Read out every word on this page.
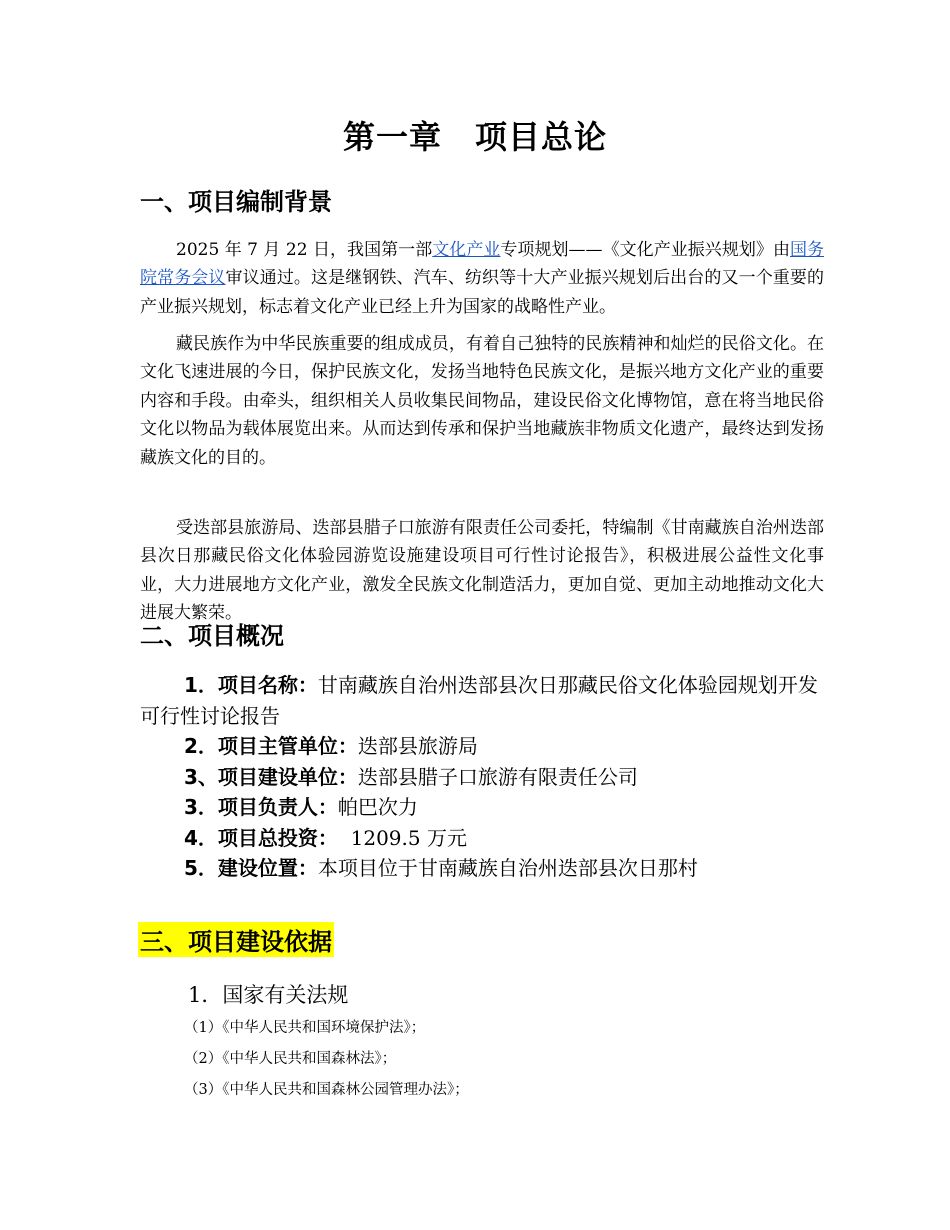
第一章　项目总论
一、项目编制背景

2025 年 7 月 22 日，我国第一部文化产业专项规划——《文化产业振兴规划》由国务院常务会议审议通过。这是继钢铁、汽车、纺织等十大产业振兴规划后出台的又一个重要的产业振兴规划，标志着文化产业已经上升为国家的战略性产业。

藏民族作为中华民族重要的组成成员，有着自己独特的民族精神和灿烂的民俗文化。在文化飞速进展的今日，保护民族文化，发扬当地特色民族文化，是振兴地方文化产业的重要内容和手段。由牵头，组织相关人员收集民间物品，建设民俗文化博物馆，意在将当地民俗文化以物品为载体展览出来。从而达到传承和保护当地藏族非物质文化遗产，最终达到发扬藏族文化的目的。

受迭部县旅游局、迭部县腊子口旅游有限责任公司委托，特编制《甘南藏族自治州迭部县次日那藏民俗文化体验园游览设施建设项目可行性讨论报告》，积极进展公益性文化事业，大力进展地方文化产业，激发全民族文化制造活力，更加自觉、更加主动地推动文化大进展大繁荣。

二、项目概况
1．项目名称：甘南藏族自治州迭部县次日那藏民俗文化体验园规划开发可行性讨论报告
2．项目主管单位：迭部县旅游局
3、项目建设单位：迭部县腊子口旅游有限责任公司
3．项目负责人：帕巴次力
4．项目总投资：  1209.5 万元
5．建设位置：本项目位于甘南藏族自治州迭部县次日那村
三、项目建设依据
1．国家有关法规
（1）《中华人民共和国环境保护法》；
（2）《中华人民共和国森林法》；
（3）《中华人民共和国森林公园管理办法》；
